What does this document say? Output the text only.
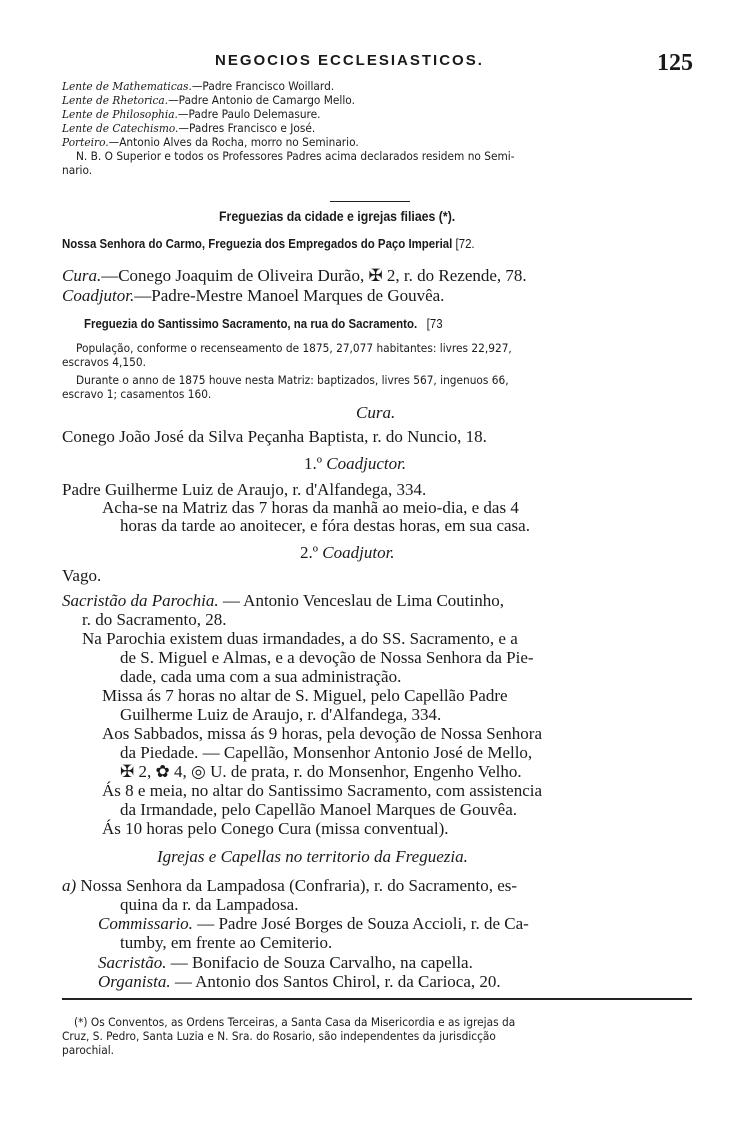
NEGOCIOS ECCLESIASTICOS.	125
Lente de Mathematicas.—Padre Francisco Woillard.
Lente de Rhetorica.—Padre Antonio de Camargo Mello.
Lente de Philosophia.—Padre Paulo Delemasure.
Lente de Catechismo.—Padres Francisco e José.
Porteiro.—Antonio Alves da Rocha, morro no Seminario.
N. B. O Superior e todos os Professores Padres acima declarados residem no Semi-
nario.
Freguezias da cidade e igrejas filiaes (*).
Nossa Senhora do Carmo, Freguezia dos Empregados do Paço Imperial [72.
Cura.—Conego Joaquim de Oliveira Durão, ✠ 2, r. do Rezende, 78.
Coadjutor.—Padre-Mestre Manoel Marques de Gouvêa.
Freguezia do Santissimo Sacramento, na rua do Sacramento. [73
População, conforme o recenseamento de 1875, 27,077 habitantes: livres 22,927,
escravos 4,150.
Durante o anno de 1875 houve nesta Matriz: baptizados, livres 567, ingenuos 66,
escravo 1; casamentos 160.
Cura.
Conego João José da Silva Peçanha Baptista, r. do Nuncio, 18.
1.º Coadjuctor.
Padre Guilherme Luiz de Araujo, r. d'Alfandega, 334.
Acha-se na Matriz das 7 horas da manhã ao meio-dia, e das 4
horas da tarde ao anoitecer, e fóra destas horas, em sua casa.
2.º Coadjutor.
Vago.
Sacristão da Parochia. — Antonio Venceslau de Lima Coutinho,
r. do Sacramento, 28.
Na Parochia existem duas irmandades, a do SS. Sacramento, e a
de S. Miguel e Almas, e a devoção de Nossa Senhora da Pie-
dade, cada uma com a sua administração.
Missa ás 7 horas no altar de S. Miguel, pelo Capellão Padre
Guilherme Luiz de Araujo, r. d'Alfandega, 334.
Aos Sabbados, missa ás 9 horas, pela devoção de Nossa Senhora
da Piedade. — Capellão, Monsenhor Antonio José de Mello,
✠ 2, ✿ 4, ◎ U. de prata, r. do Monsenhor, Engenho Velho.
Ás 8 e meia, no altar do Santissimo Sacramento, com assistencia
da Irmandade, pelo Capellão Manoel Marques de Gouvêa.
Ás 10 horas pelo Conego Cura (missa conventual).
Igrejas e Capellas no territorio da Freguezia.
a) Nossa Senhora da Lampadosa (Confraria), r. do Sacramento, es-
quina da r. da Lampadosa.
Commissario. — Padre José Borges de Souza Accioli, r. de Ca-
tumby, em frente ao Cemiterio.
Sacristão. — Bonifacio de Souza Carvalho, na capella.
Organista. — Antonio dos Santos Chirol, r. da Carioca, 20.
(*) Os Conventos, as Ordens Terceiras, a Santa Casa da Misericordia e as igrejas da
Cruz, S. Pedro, Santa Luzia e N. Sra. do Rosario, são independentes da jurisdicção
parochial.
